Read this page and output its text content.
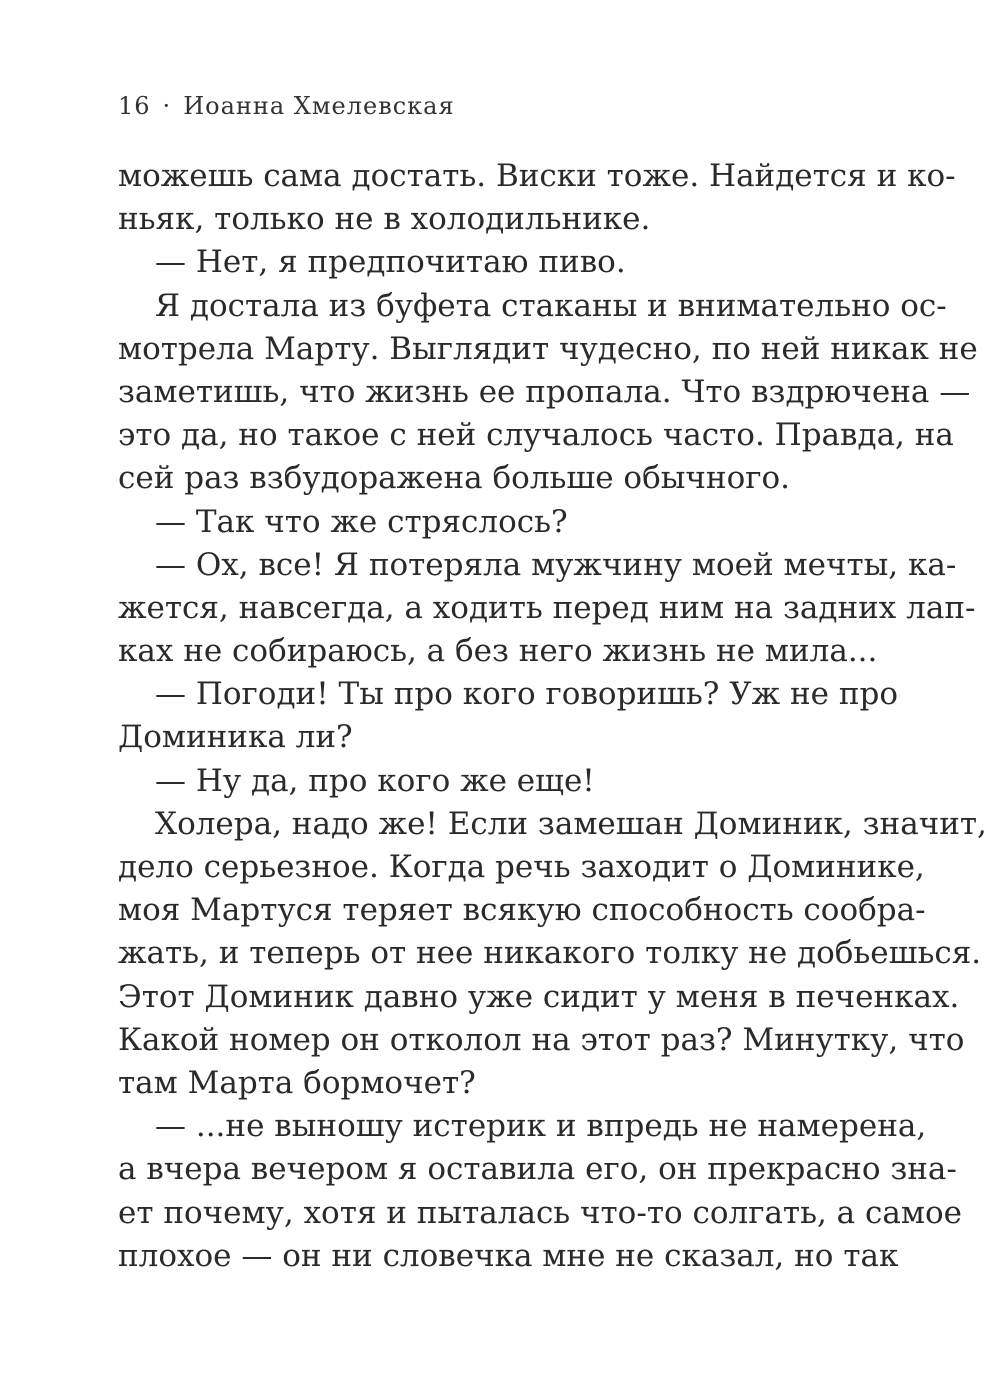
16 · Иоанна Хмелевская
можешь сама достать. Виски тоже. Найдется и ко-
ньяк, только не в холодильнике.
— Нет, я предпочитаю пиво.
Я достала из буфета стаканы и внимательно ос-
мотрела Марту. Выглядит чудесно, по ней никак не
заметишь, что жизнь ее пропала. Что вздрючена —
это да, но такое с ней случалось часто. Правда, на
сей раз взбудоражена больше обычного.
— Так что же стряслось?
— Ох, все! Я потеряла мужчину моей мечты, ка-
жется, навсегда, а ходить перед ним на задних лап-
ках не собираюсь, а без него жизнь не мила...
— Погоди! Ты про кого говоришь? Уж не про
Доминика ли?
— Ну да, про кого же еще!
Холера, надо же! Если замешан Доминик, значит,
дело серьезное. Когда речь заходит о Доминике,
моя Мартуся теряет всякую способность сообра-
жать, и теперь от нее никакого толку не добьешься.
Этот Доминик давно уже сидит у меня в печенках.
Какой номер он отколол на этот раз? Минутку, что
там Марта бормочет?
— ...не выношу истерик и впредь не намерена,
а вчера вечером я оставила его, он прекрасно зна-
ет почему, хотя и пыталась что-то солгать, а самое
плохое — он ни словечка мне не сказал, но так
